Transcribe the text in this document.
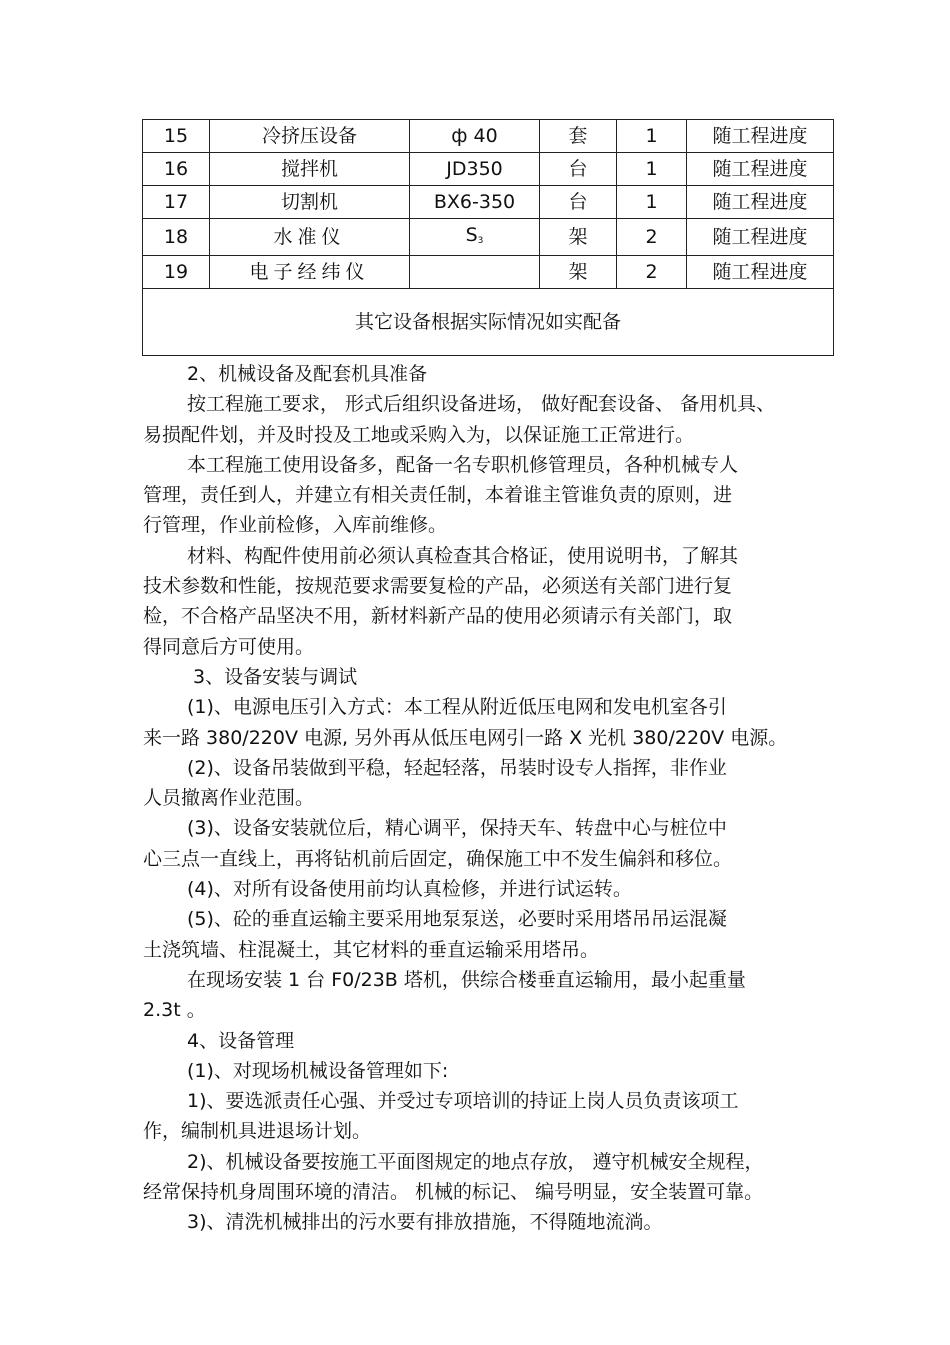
15	冷挤压设备	ф 40	套	1	随工程进度
16	搅拌机	JD350	台	1	随工程进度
17	切割机	BX6-350	台	1	随工程进度
18	水准仪	$S_3$	架	2	随工程进度
19	电子经纬仪		架	2	随工程进度
其它设备根据实际情况如实配备					

2、机械设备及配套机具准备

按工程施工要求， 形式后组织设备进场， 做好配套设备、 备用机具、

易损配件划，并及时投及工地或采购入为，以保证施工正常进行。

本工程施工使用设备多，配备一名专职机修管理员，各种机械专人

管理，责任到人，并建立有相关责任制，本着谁主管谁负责的原则，进

行管理，作业前检修，入库前维修。

材料、构配件使用前必须认真检查其合格证，使用说明书，了解其

技术参数和性能，按规范要求需要复检的产品，必须送有关部门进行复

检，不合格产品坚决不用，新材料新产品的使用必须请示有关部门，取

得同意后方可使用。

3、设备安装与调试

(1)、电源电压引入方式：本工程从附近低压电网和发电机室各引

来一路 380/220V 电源, 另外再从低压电网引一路 X 光机 380/220V 电源。

(2)、设备吊装做到平稳，轻起轻落，吊装时设专人指挥，非作业

人员撤离作业范围。

(3)、设备安装就位后，精心调平，保持天车、转盘中心与桩位中

心三点一直线上，再将钻机前后固定，确保施工中不发生偏斜和移位。

(4)、对所有设备使用前均认真检修，并进行试运转。

(5)、砼的垂直运输主要采用地泵泵送，必要时采用塔吊吊运混凝

土浇筑墙、柱混凝土，其它材料的垂直运输采用塔吊。

在现场安装 1 台 F0/23B 塔机，供综合楼垂直运输用，最小起重量

2.3t 。

4、设备管理

(1)、对现场机械设备管理如下:

1)、要选派责任心强、并受过专项培训的持证上岗人员负责该项工

作，编制机具进退场计划。

2)、机械设备要按施工平面图规定的地点存放， 遵守机械安全规程，

经常保持机身周围环境的清洁。 机械的标记、 编号明显，安全装置可靠。

3)、清洗机械排出的污水要有排放措施，不得随地流淌。
